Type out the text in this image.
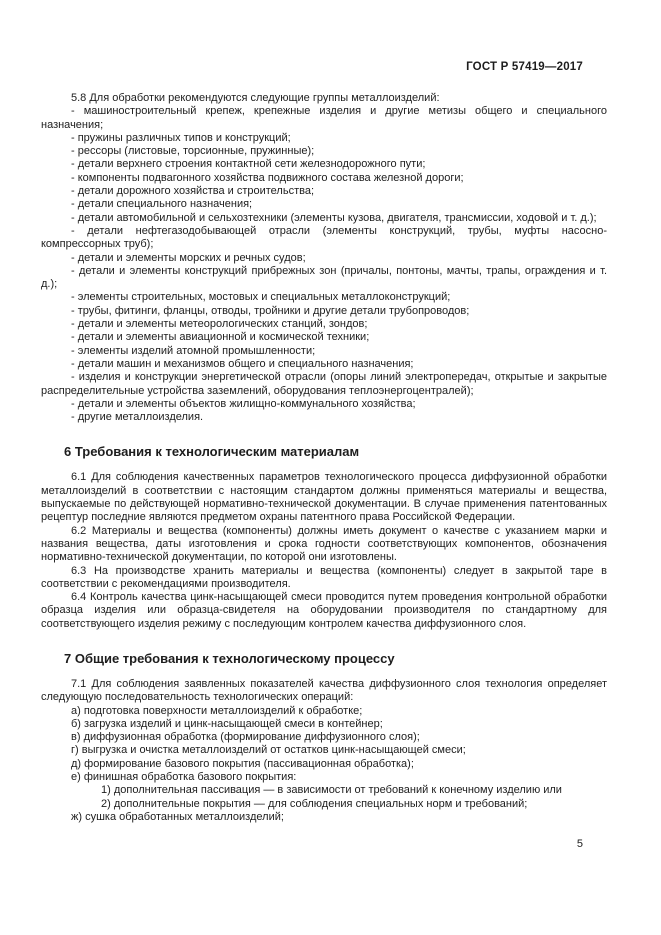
ГОСТ Р 57419—2017
5.8 Для обработки рекомендуются следующие группы металлоизделий:
- машиностроительный крепеж, крепежные изделия и другие метизы общего и специального назначения;
- пружины различных типов и конструкций;
- рессоры (листовые, торсионные, пружинные);
- детали верхнего строения контактной сети железнодорожного пути;
- компоненты подвагонного хозяйства подвижного состава железной дороги;
- детали дорожного хозяйства и строительства;
- детали специального назначения;
- детали автомобильной и сельхозтехники (элементы кузова, двигателя, трансмиссии, ходовой и т. д.);
- детали нефтегазодобывающей отрасли (элементы конструкций, трубы, муфты насосно-компрессорных труб);
- детали и элементы морских и речных судов;
- детали и элементы конструкций прибрежных зон (причалы, понтоны, мачты, трапы, ограждения и т. д.);
- элементы строительных, мостовых и специальных металлоконструкций;
- трубы, фитинги, фланцы, отводы, тройники и другие детали трубопроводов;
- детали и элементы метеорологических станций, зондов;
- детали и элементы авиационной и космической техники;
- элементы изделий атомной промышленности;
- детали машин и механизмов общего и специального назначения;
- изделия и конструкции энергетической отрасли (опоры линий электропередач, открытые и закрытые распределительные устройства заземлений, оборудования теплоэнергоцентралей);
- детали и элементы объектов жилищно-коммунального хозяйства;
- другие металлоизделия.
6 Требования к технологическим материалам
6.1 Для соблюдения качественных параметров технологического процесса диффузионной обработки металлоизделий в соответствии с настоящим стандартом должны применяться материалы и вещества, выпускаемые по действующей нормативно-технической документации. В случае применения патентованных рецептур последние являются предметом охраны патентного права Российской Федерации.
6.2 Материалы и вещества (компоненты) должны иметь документ о качестве с указанием марки и названия вещества, даты изготовления и срока годности соответствующих компонентов, обозначения нормативно-технической документации, по которой они изготовлены.
6.3 На производстве хранить материалы и вещества (компоненты) следует в закрытой таре в соответствии с рекомендациями производителя.
6.4 Контроль качества цинк-насыщающей смеси проводится путем проведения контрольной обработки образца изделия или образца-свидетеля на оборудовании производителя по стандартному для соответствующего изделия режиму с последующим контролем качества диффузионного слоя.
7 Общие требования к технологическому процессу
7.1 Для соблюдения заявленных показателей качества диффузионного слоя технология определяет следующую последовательность технологических операций:
а) подготовка поверхности металлоизделий к обработке;
б) загрузка изделий и цинк-насыщающей смеси в контейнер;
в) диффузионная обработка (формирование диффузионного слоя);
г) выгрузка и очистка металлоизделий от остатков цинк-насыщающей смеси;
д) формирование базового покрытия (пассивационная обработка);
е) финишная обработка базового покрытия:
1) дополнительная пассивация — в зависимости от требований к конечному изделию или
2) дополнительные покрытия — для соблюдения специальных норм и требований;
ж) сушка обработанных металлоизделий;
5
